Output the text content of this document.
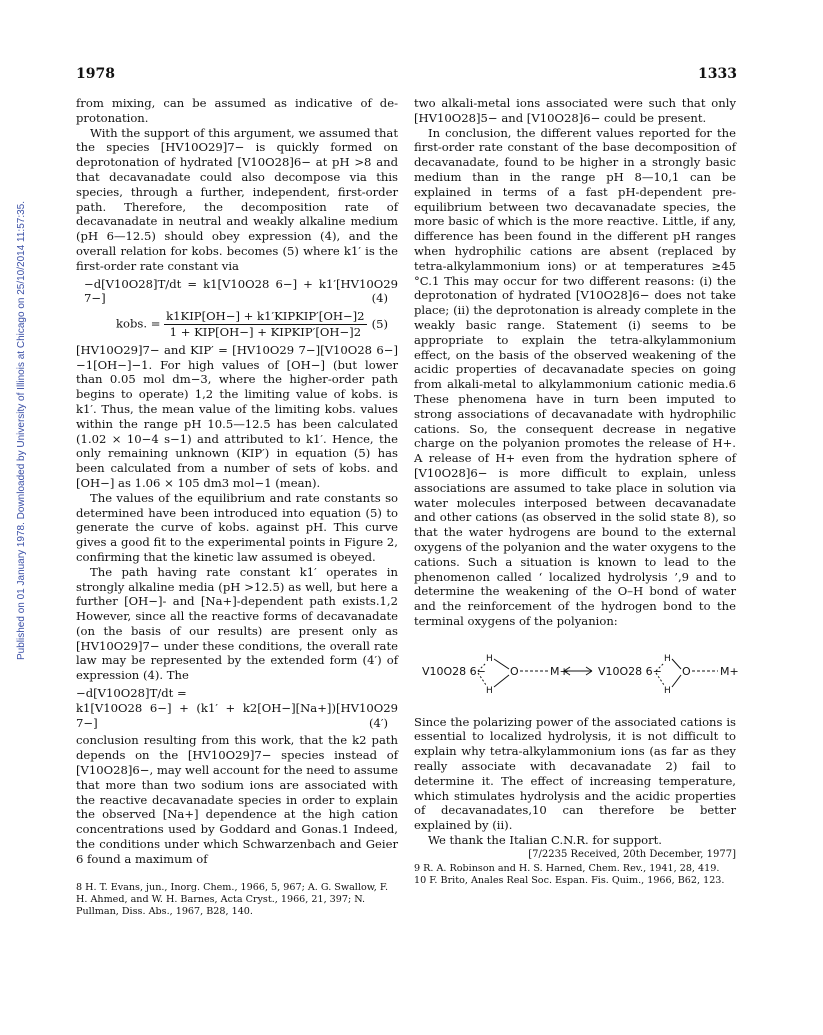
Published on 01 January 1978. Downloaded by University of Illinois at Chicago on 25/10/2014 11:57:35.
1978	1333

from mixing, can be assumed as indicative of de-protonation.

With the support of this argument, we assumed that the species [HV10O29]7− is quickly formed on deprotonation of hydrated [V10O28]6− at pH >8 and that decavanadate could also decompose via this species, through a further, independent, first-order path. Therefore, the decomposition rate of decavanadate in neutral and weakly alkaline medium (pH 6—12.5) should obey expression (4), and the overall relation for kobs. becomes (5) where k1′ is the first-order rate constant via

−d[V10O28]T/dt = k1[V10O28 6−] + k1′[HV10O29 7−]	(4)
kobs. =
k1KIP[OH−] + k1′KIPKIP′[OH−]2
1 + KIP[OH−] + KIPKIP′[OH−]2
(5)

[HV10O29]7− and KIP′ = [HV10O29 7−][V10O28 6−]−1[OH−]−1. For high values of [OH−] (but lower than 0.05 mol dm−3, where the higher-order path begins to operate) 1,2 the limiting value of kobs. is k1′. Thus, the mean value of the limiting kobs. values within the range pH 10.5—12.5 has been calculated (1.02 × 10−4 s−1) and attributed to k1′. Hence, the only remaining unknown (KIP′) in equation (5) has been calculated from a number of sets of kobs. and [OH−] as 1.06 × 105 dm3 mol−1 (mean).

The values of the equilibrium and rate constants so determined have been introduced into equation (5) to generate the curve of kobs. against pH. This curve gives a good fit to the experimental points in Figure 2, confirming that the kinetic law assumed is obeyed.

The path having rate constant k1′ operates in strongly alkaline media (pH >12.5) as well, but here a further [OH−]- and [Na+]-dependent path exists.1,2 However, since all the reactive forms of decavanadate (on the basis of our results) are present only as [HV10O29]7− under these conditions, the overall rate law may be represented by the extended form (4′) of expression (4). The

−d[V10O28]T/dt =
k1[V10O28 6−] + (k1′ + k2[OH−][Na+])[HV10O29 7−]	(4′)

conclusion resulting from this work, that the k2 path depends on the [HV10O29]7− species instead of [V10O28]6−, may well account for the need to assume that more than two sodium ions are associated with the reactive decavanadate species in order to explain the observed [Na+] dependence at the high cation concentrations used by Goddard and Gonas.1 Indeed, the conditions under which Schwarzenbach and Geier 6 found a maximum of

8 H. T. Evans, jun., Inorg. Chem., 1966, 5, 967; A. G. Swallow, F. H. Ahmed, and W. H. Barnes, Acta Cryst., 1966, 21, 397; N. Pullman, Diss. Abs., 1967, B28, 140.

two alkali-metal ions associated were such that only [HV10O28]5− and [V10O28]6− could be present.

In conclusion, the different values reported for the first-order rate constant of the base decomposition of decavanadate, found to be higher in a strongly basic medium than in the range pH 8—10,1 can be explained in terms of a fast pH-dependent pre-equilibrium between two decavanadate species, the more basic of which is the more reactive. Little, if any, difference has been found in the different pH ranges when hydrophilic cations are absent (replaced by tetra-alkylammonium ions) or at temperatures ≥45 °C.1 This may occur for two different reasons: (i) the deprotonation of hydrated [V10O28]6− does not take place; (ii) the deprotonation is already complete in the weakly basic range. Statement (i) seems to be appropriate to explain the tetra-alkylammonium effect, on the basis of the observed weakening of the acidic properties of decavanadate species on going from alkali-metal to alkylammonium cationic media.6 These phenomena have in turn been imputed to strong associations of decavanadate with hydrophilic cations. So, the consequent decrease in negative charge on the polyanion promotes the release of H+. A release of H+ even from the hydration sphere of [V10O28]6− is more difficult to explain, unless associations are assumed to take place in solution via water molecules interposed between decavanadate and other cations (as observed in the solid state 8), so that the water hydrogens are bound to the external oxygens of the polyanion and the water oxygens to the cations. Such a situation is known to lead to the phenomenon called ‘ localized hydrolysis ’,9 and to determine the weakening of the O–H bond of water and the reinforcement of the hydrogen bond to the terminal oxygens of the polyanion:

V10O28 6−
H
H
O	M+	V10O28 6−
H
H
O	M+

Since the polarizing power of the associated cations is essential to localized hydrolysis, it is not difficult to explain why tetra-alkylammonium ions (as far as they really associate with decavanadate 2) fail to determine it. The effect of increasing temperature, which stimulates hydrolysis and the acidic properties of decavanadates,10 can therefore be better explained by (ii).

We thank the Italian C.N.R. for support.

[7/2235 Received, 20th December, 1977]

9 R. A. Robinson and H. S. Harned, Chem. Rev., 1941, 28, 419.

10 F. Brito, Anales Real Soc. Espan. Fis. Quim., 1966, B62, 123.
